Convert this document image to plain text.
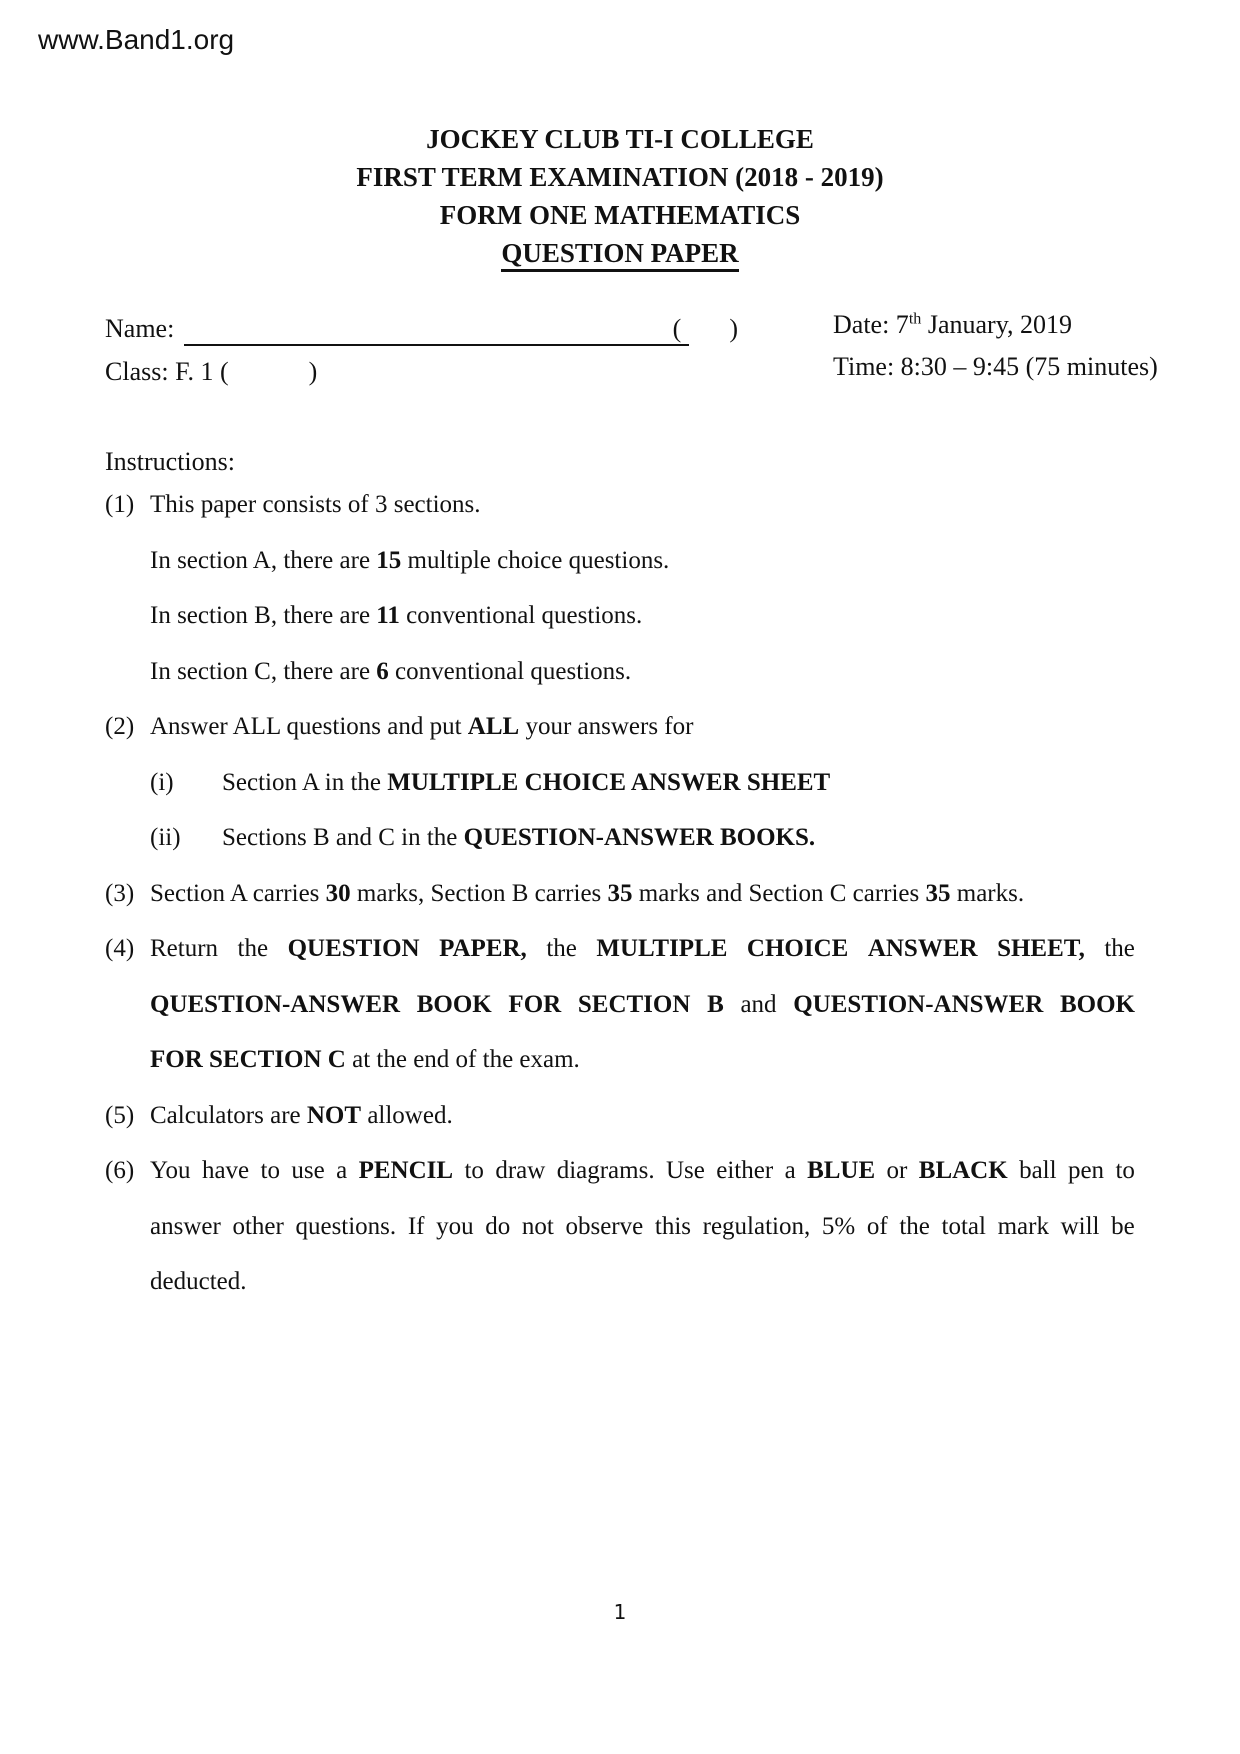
www.Band1.org
JOCKEY CLUB TI-I COLLEGE
FIRST TERM EXAMINATION (2018 - 2019)
FORM ONE MATHEMATICS
QUESTION PAPER
Name:	( )
Class: F. 1 (	)
Date: 7th January, 2019
Time: 8:30 – 9:45 (75 minutes)
Instructions:
(1) This paper consists of 3 sections.
In section A, there are 15 multiple choice questions.
In section B, there are 11 conventional questions.
In section C, there are 6 conventional questions.
(2) Answer ALL questions and put ALL your answers for
(i) Section A in the MULTIPLE CHOICE ANSWER SHEET
(ii) Sections B and C in the QUESTION-ANSWER BOOKS.
(3) Section A carries 30 marks, Section B carries 35 marks and Section C carries 35 marks.
(4) Return the QUESTION PAPER, the MULTIPLE CHOICE ANSWER SHEET, the
QUESTION-ANSWER BOOK FOR SECTION B and QUESTION-ANSWER BOOK
FOR SECTION C at the end of the exam.
(5) Calculators are NOT allowed.
(6) You have to use a PENCIL to draw diagrams. Use either a BLUE or BLACK ball pen to
answer other questions. If you do not observe this regulation, 5% of the total mark will be
deducted.
1
